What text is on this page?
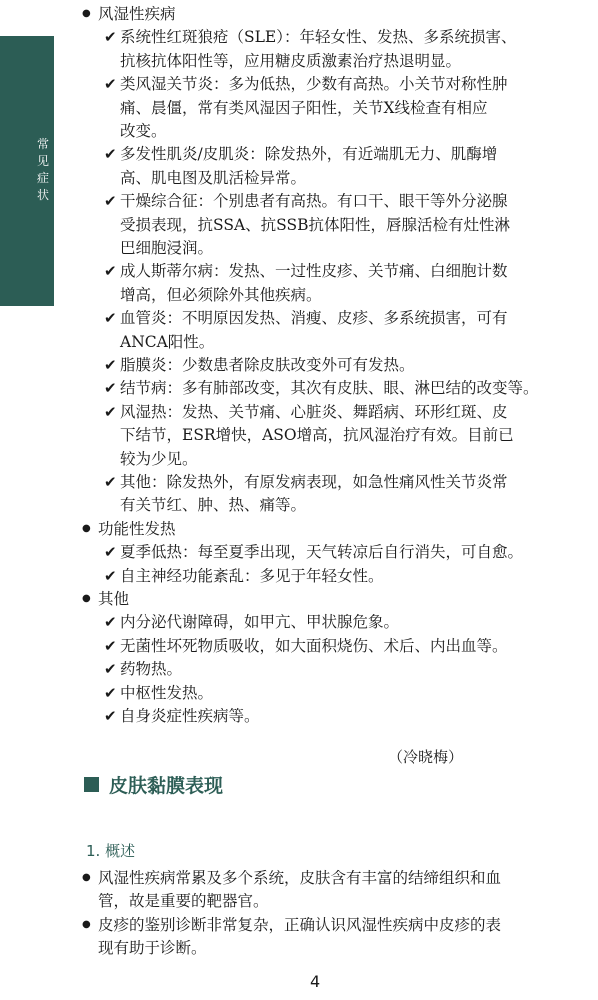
常见症状
风湿性疾病
✔ 系统性红斑狼疮（SLE）：年轻女性、发热、多系统损害、
抗核抗体阳性等，应用糖皮质激素治疗热退明显。
✔ 类风湿关节炎：多为低热，少数有高热。小关节对称性肿
痛、晨僵，常有类风湿因子阳性，关节X线检查有相应
改变。
✔ 多发性肌炎/皮肌炎：除发热外，有近端肌无力、肌酶增
高、肌电图及肌活检异常。
✔ 干燥综合征：个别患者有高热。有口干、眼干等外分泌腺
受损表现，抗SSA、抗SSB抗体阳性，唇腺活检有灶性淋
巴细胞浸润。
✔ 成人斯蒂尔病：发热、一过性皮疹、关节痛、白细胞计数
增高，但必须除外其他疾病。
✔ 血管炎：不明原因发热、消瘦、皮疹、多系统损害，可有
ANCA阳性。
✔ 脂膜炎：少数患者除皮肤改变外可有发热。
✔ 结节病：多有肺部改变，其次有皮肤、眼、淋巴结的改变等。
✔ 风湿热：发热、关节痛、心脏炎、舞蹈病、环形红斑、皮
下结节，ESR增快，ASO增高，抗风湿治疗有效。目前已
较为少见。
✔ 其他：除发热外，有原发病表现，如急性痛风性关节炎常
有关节红、肿、热、痛等。
功能性发热
✔ 夏季低热：每至夏季出现，天气转凉后自行消失，可自愈。
✔ 自主神经功能紊乱：多见于年轻女性。
其他
✔ 内分泌代谢障碍，如甲亢、甲状腺危象。
✔ 无菌性坏死物质吸收，如大面积烧伤、术后、内出血等。
✔ 药物热。
✔ 中枢性发热。
✔ 自身炎症性疾病等。
风湿性疾病常累及多个系统，皮肤含有丰富的结缔组织和血
管，故是重要的靶器官。
皮疹的鉴别诊断非常复杂，正确认识风湿性疾病中皮疹的表
现有助于诊断。
（冷晓梅）
皮肤黏膜表现
1. 概述
4
